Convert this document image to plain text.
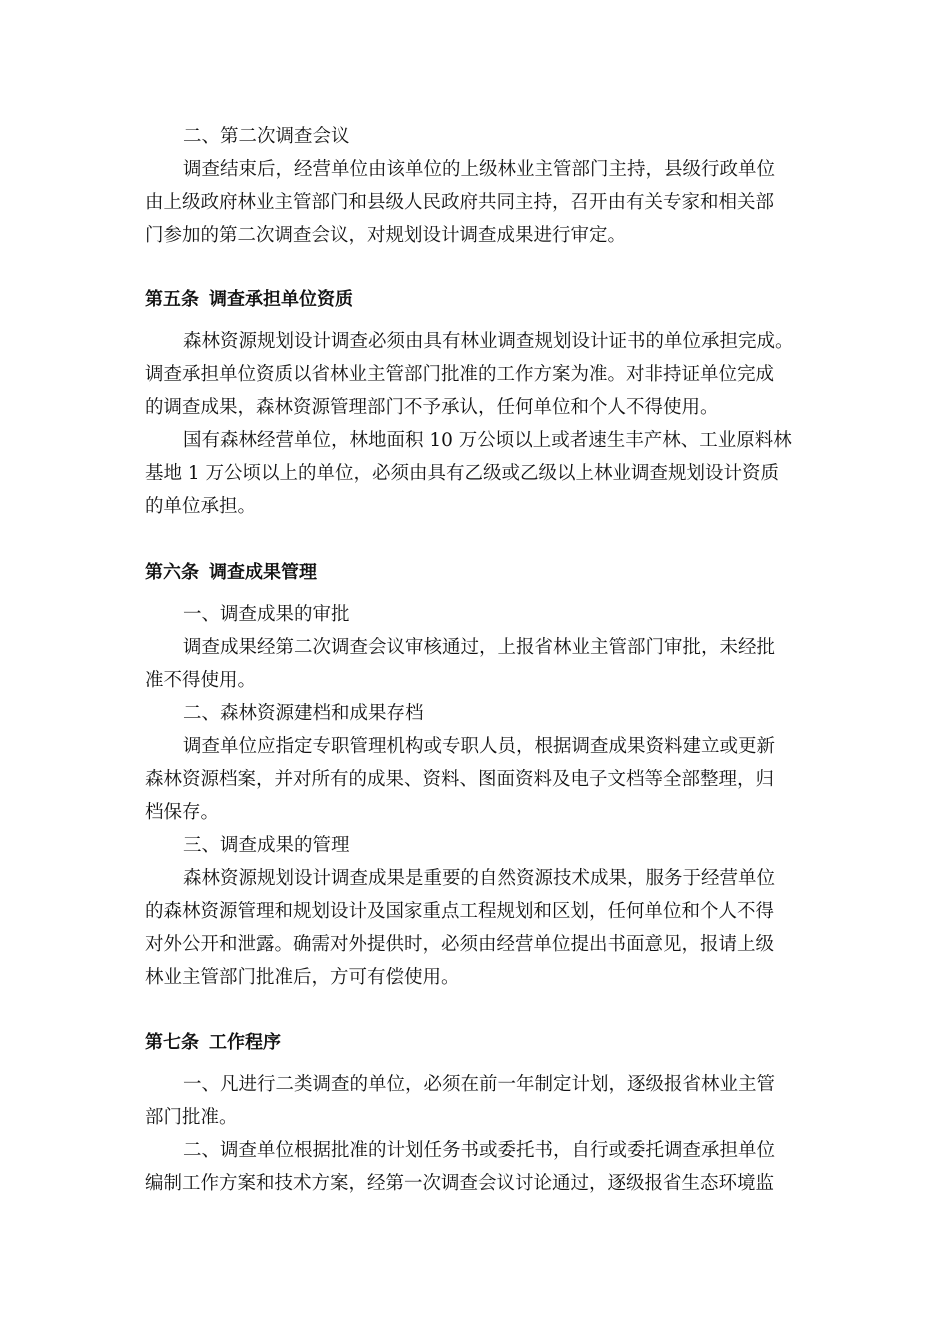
二、第二次调查会议
调查结束后，经营单位由该单位的上级林业主管部门主持，县级行政单位
由上级政府林业主管部门和县级人民政府共同主持，召开由有关专家和相关部
门参加的第二次调查会议，对规划设计调查成果进行审定。
第五条 调查承担单位资质
森林资源规划设计调查必须由具有林业调查规划设计证书的单位承担完成。
调查承担单位资质以省林业主管部门批准的工作方案为准。对非持证单位完成
的调查成果，森林资源管理部门不予承认，任何单位和个人不得使用。
国有森林经营单位，林地面积 10 万公顷以上或者速生丰产林、工业原料林
基地 1 万公顷以上的单位，必须由具有乙级或乙级以上林业调查规划设计资质
的单位承担。
第六条 调查成果管理
一、调查成果的审批
调查成果经第二次调查会议审核通过，上报省林业主管部门审批，未经批
准不得使用。
二、森林资源建档和成果存档
调查单位应指定专职管理机构或专职人员，根据调查成果资料建立或更新
森林资源档案，并对所有的成果、资料、图面资料及电子文档等全部整理，归
档保存。
三、调查成果的管理
森林资源规划设计调查成果是重要的自然资源技术成果，服务于经营单位
的森林资源管理和规划设计及国家重点工程规划和区划，任何单位和个人不得
对外公开和泄露。确需对外提供时，必须由经营单位提出书面意见，报请上级
林业主管部门批准后，方可有偿使用。
第七条 工作程序
一、凡进行二类调查的单位，必须在前一年制定计划，逐级报省林业主管
部门批准。
二、调查单位根据批准的计划任务书或委托书，自行或委托调查承担单位
编制工作方案和技术方案，经第一次调查会议讨论通过，逐级报省生态环境监
